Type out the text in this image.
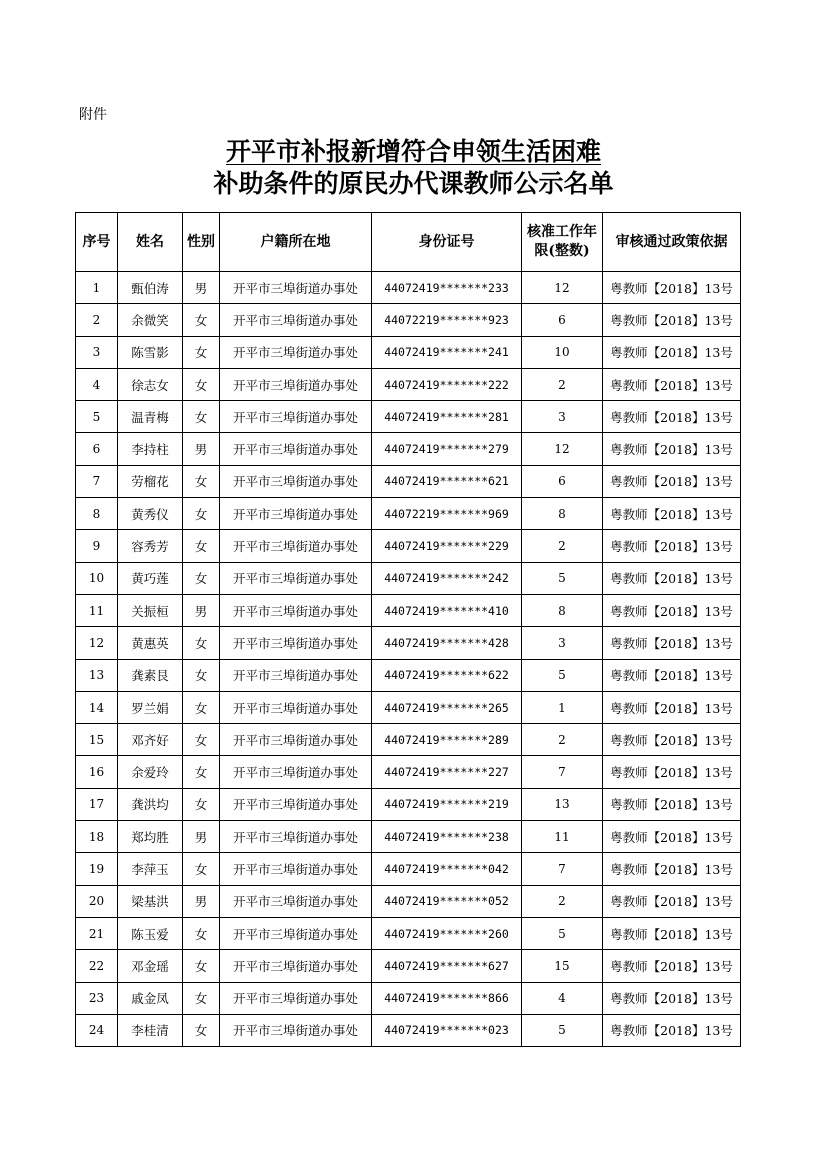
附件
开平市补报新增符合申领生活困难
补助条件的原民办代课教师公示名单
序号	姓名	性别	户籍所在地	身份证号	核准工作年限(整数)	审核通过政策依据
1	甄伯涛	男	开平市三埠街道办事处	44072419*******233	12	粤教师【2018】13号
2	余微笑	女	开平市三埠街道办事处	44072219*******923	6	粤教师【2018】13号
3	陈雪影	女	开平市三埠街道办事处	44072419*******241	10	粤教师【2018】13号
4	徐志女	女	开平市三埠街道办事处	44072419*******222	2	粤教师【2018】13号
5	温青梅	女	开平市三埠街道办事处	44072419*******281	3	粤教师【2018】13号
6	李持柱	男	开平市三埠街道办事处	44072419*******279	12	粤教师【2018】13号
7	劳榴花	女	开平市三埠街道办事处	44072419*******621	6	粤教师【2018】13号
8	黄秀仪	女	开平市三埠街道办事处	44072219*******969	8	粤教师【2018】13号
9	容秀芳	女	开平市三埠街道办事处	44072419*******229	2	粤教师【2018】13号
10	黄巧莲	女	开平市三埠街道办事处	44072419*******242	5	粤教师【2018】13号
11	关振桓	男	开平市三埠街道办事处	44072419*******410	8	粤教师【2018】13号
12	黄惠英	女	开平市三埠街道办事处	44072419*******428	3	粤教师【2018】13号
13	龚素艮	女	开平市三埠街道办事处	44072419*******622	5	粤教师【2018】13号
14	罗兰娟	女	开平市三埠街道办事处	44072419*******265	1	粤教师【2018】13号
15	邓齐好	女	开平市三埠街道办事处	44072419*******289	2	粤教师【2018】13号
16	余爱玲	女	开平市三埠街道办事处	44072419*******227	7	粤教师【2018】13号
17	龚洪均	女	开平市三埠街道办事处	44072419*******219	13	粤教师【2018】13号
18	郑均胜	男	开平市三埠街道办事处	44072419*******238	11	粤教师【2018】13号
19	李萍玉	女	开平市三埠街道办事处	44072419*******042	7	粤教师【2018】13号
20	梁基洪	男	开平市三埠街道办事处	44072419*******052	2	粤教师【2018】13号
21	陈玉爱	女	开平市三埠街道办事处	44072419*******260	5	粤教师【2018】13号
22	邓金瑶	女	开平市三埠街道办事处	44072419*******627	15	粤教师【2018】13号
23	戚金凤	女	开平市三埠街道办事处	44072419*******866	4	粤教师【2018】13号
24	李桂清	女	开平市三埠街道办事处	44072419*******023	5	粤教师【2018】13号
